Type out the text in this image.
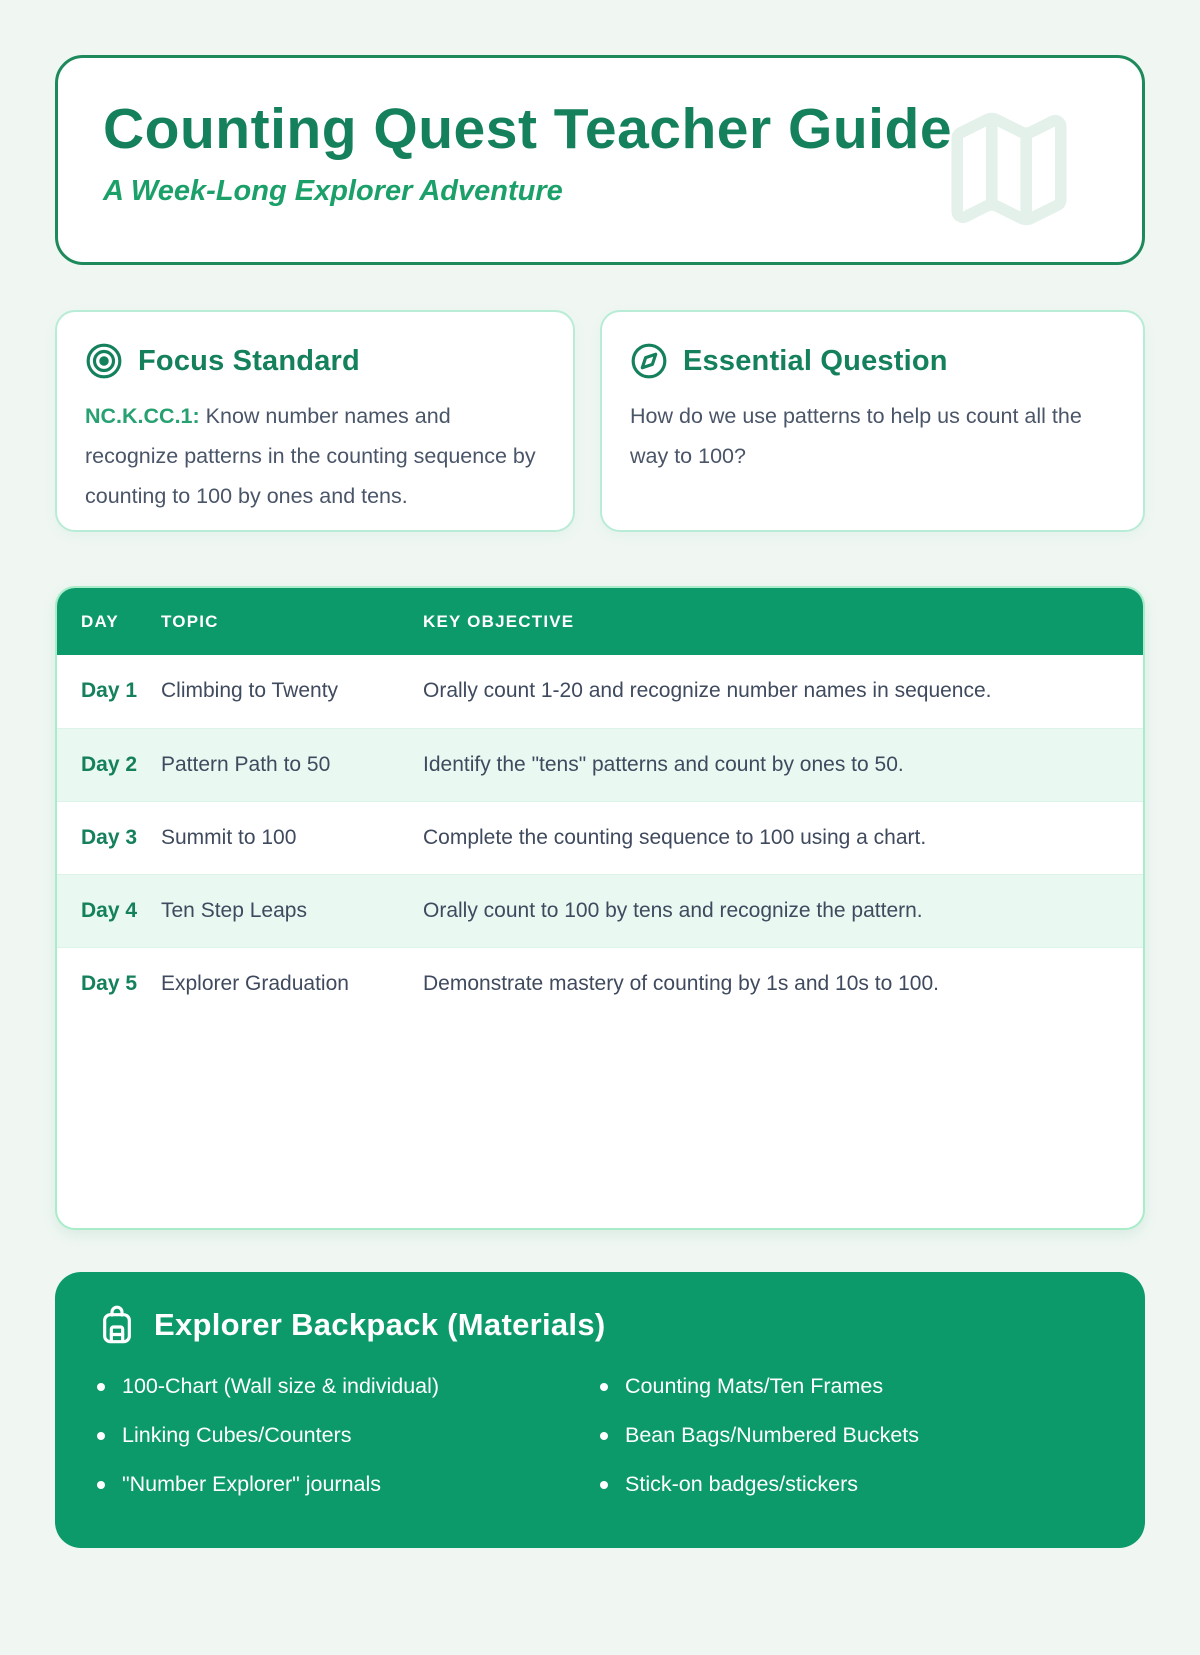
Counting Quest Teacher Guide
A Week-Long Explorer Adventure
Focus Standard
NC.K.CC.1: Know number names and recognize patterns in the counting sequence by counting to 100 by ones and tens.
Essential Question
How do we use patterns to help us count all the way to 100?
DAY	TOPIC	KEY OBJECTIVE
Day 1	Climbing to Twenty	Orally count 1-20 and recognize number names in sequence.
Day 2	Pattern Path to 50	Identify the "tens" patterns and count by ones to 50.
Day 3	Summit to 100	Complete the counting sequence to 100 using a chart.
Day 4	Ten Step Leaps	Orally count to 100 by tens and recognize the pattern.
Day 5	Explorer Graduation	Demonstrate mastery of counting by 1s and 10s to 100.
Explorer Backpack (Materials)
100-Chart (Wall size & individual)
Linking Cubes/Counters
"Number Explorer" journals
Counting Mats/Ten Frames
Bean Bags/Numbered Buckets
Stick-on badges/stickers
